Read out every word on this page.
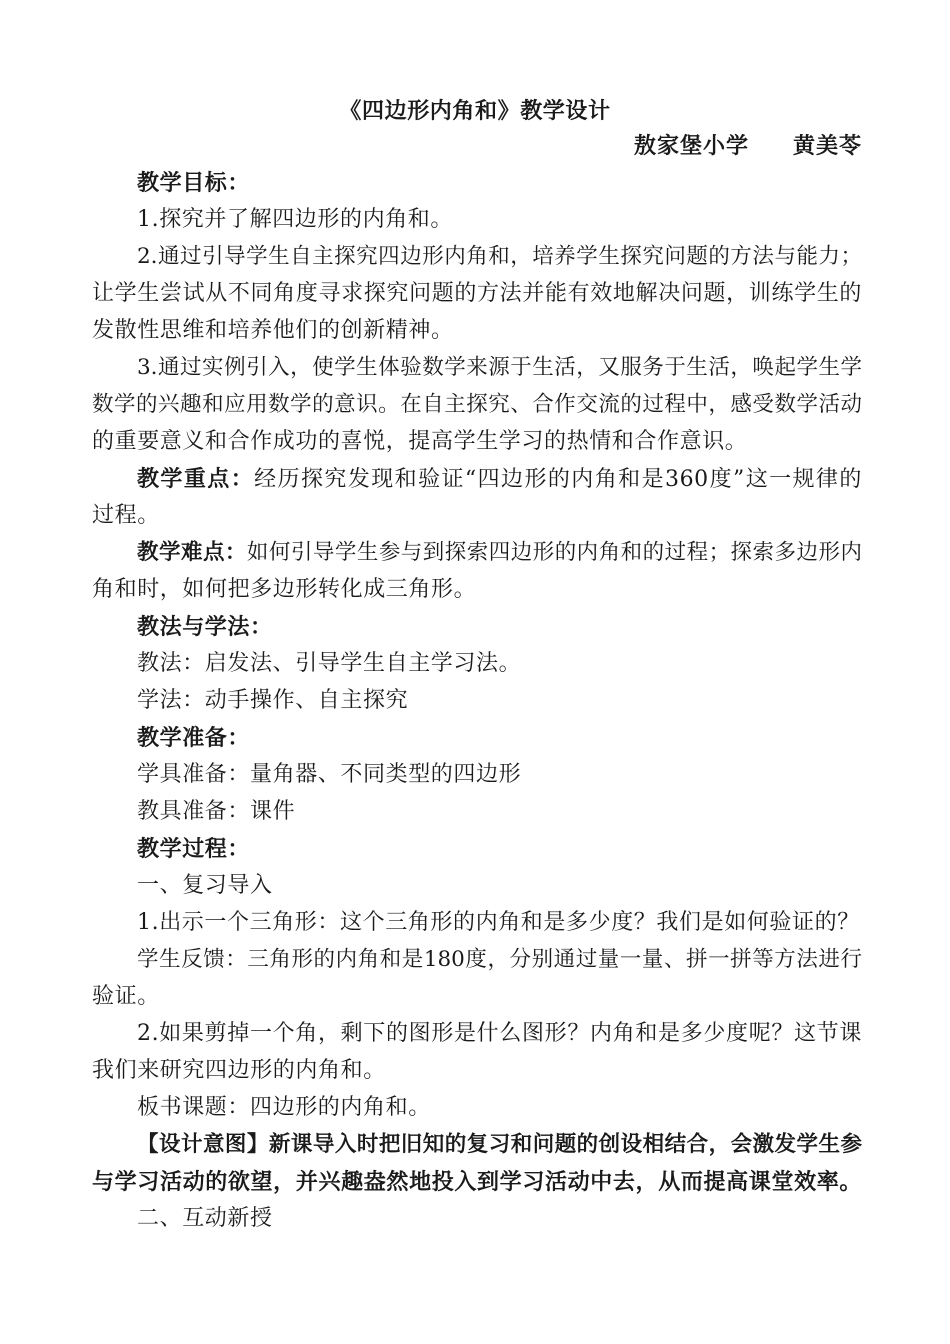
《四边形内角和》教学设计
敖家堡小学 黄美苓
教学目标：
1.探究并了解四边形的内角和。
2.通过引导学生自主探究四边形内角和，培养学生探究问题的方法与能力；
让学生尝试从不同角度寻求探究问题的方法并能有效地解决问题，训练学生的
发散性思维和培养他们的创新精神。
3.通过实例引入，使学生体验数学来源于生活，又服务于生活，唤起学生学
数学的兴趣和应用数学的意识。在自主探究、合作交流的过程中，感受数学活动
的重要意义和合作成功的喜悦，提高学生学习的热情和合作意识。
教学重点：经历探究发现和验证“四边形的内角和是360度”这一规律的
过程。
教学难点：如何引导学生参与到探索四边形的内角和的过程；探索多边形内
角和时，如何把多边形转化成三角形。
教法与学法：
教法：启发法、引导学生自主学习法。
学法：动手操作、自主探究
教学准备：
学具准备：量角器、不同类型的四边形
教具准备：课件
教学过程：
一、复习导入
1.出示一个三角形：这个三角形的内角和是多少度？我们是如何验证的？
学生反馈：三角形的内角和是180度，分别通过量一量、拼一拼等方法进行
验证。
2.如果剪掉一个角，剩下的图形是什么图形？内角和是多少度呢？这节课
我们来研究四边形的内角和。
板书课题：四边形的内角和。
【设计意图】新课导入时把旧知的复习和问题的创设相结合，会激发学生参
与学习活动的欲望，并兴趣盎然地投入到学习活动中去，从而提高课堂效率。
二、互动新授
